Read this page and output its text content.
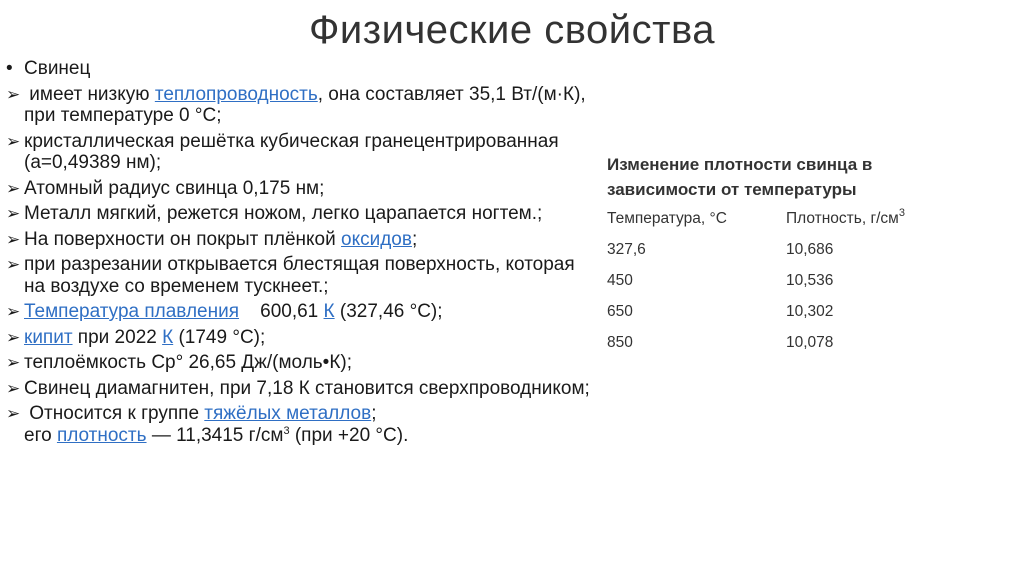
Физические свойства
• Свинец
➢ имеет низкую теплопроводность, она составляет 35,1 Вт/(м·К), при температуре 0 °C;
➢ кристаллическая решётка кубическая гранецентрированная (a=0,49389 нм);
➢ Атомный радиус свинца 0,175 нм;
➢ Металл мягкий, режется ножом, легко царапается ногтем.;
➢ На поверхности он покрыт плёнкой оксидов;
➢ при разрезании открывается блестящая поверхность, которая на воздухе со временем тускнеет.;
➢ Температура плавления    600,61 К (327,46 °C);
➢ кипит при 2022 К (1749 °C);
➢ теплоёмкость Cp° 26,65 Дж/(моль•К);
➢ Свинец диамагнитен, при 7,18 К становится сверхпроводником;
➢ Относится к группе тяжёлых металлов;
его плотность — 11,3415 $г/см^3$ (при +20 °C).
Изменение плотности свинца в зависимости от температуры
Температура, °С	Плотность, $г/см^3$
327,6	10,686
450	10,536
650	10,302
850	10,078
